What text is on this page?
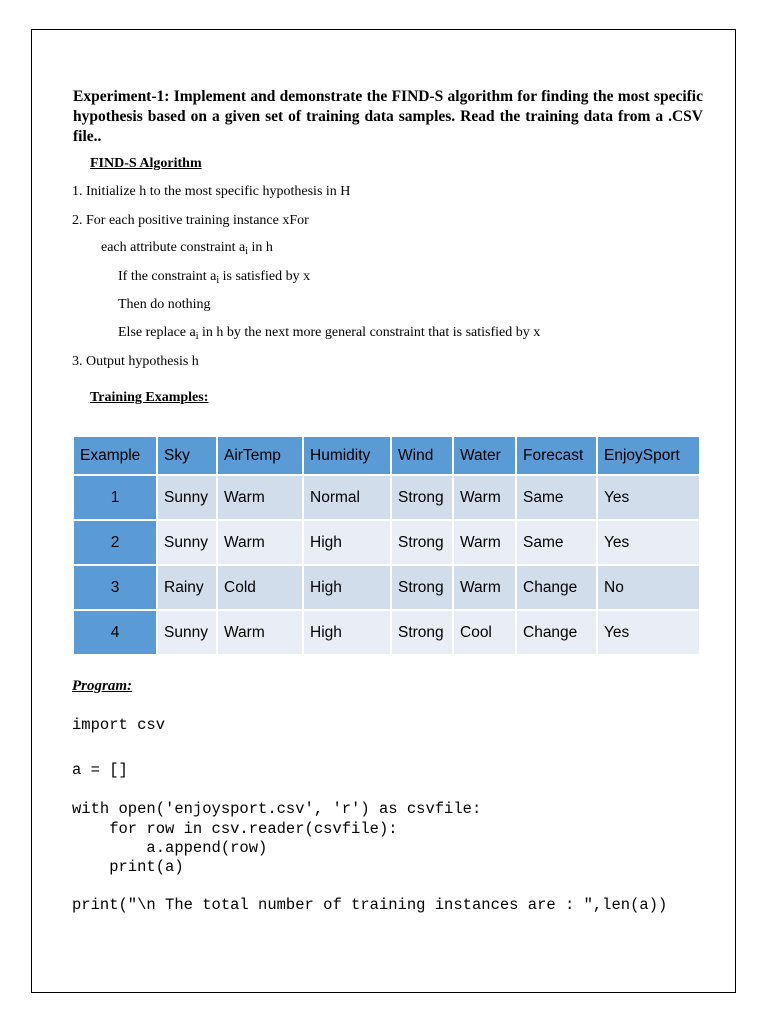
Experiment-1: Implement and demonstrate the FIND-S algorithm for finding the most specific hypothesis based on a given set of training data samples. Read the training data from a .CSV file..

FIND-S Algorithm
1. Initialize h to the most specific hypothesis in H
2. For each positive training instance xFor
each attribute constraint $a_i$ in h
If the constraint $a_i$ is satisfied by x
Then do nothing
Else replace $a_i$ in h by the next more general constraint that is satisfied by x
3. Output hypothesis h
Training Examples:
Example	Sky	AirTemp	Humidity	Wind	Water	Forecast	EnjoySport
1	Sunny	Warm	Normal	Strong	Warm	Same	Yes
2	Sunny	Warm	High	Strong	Warm	Same	Yes
3	Rainy	Cold	High	Strong	Warm	Change	No
4	Sunny	Warm	High	Strong	Cool	Change	Yes
Program:
import csv
a = []
with open('enjoysport.csv', 'r') as csvfile:
for row in csv.reader(csvfile):
a.append(row)
print(a)
print("\n The total number of training instances are : ",len(a))
